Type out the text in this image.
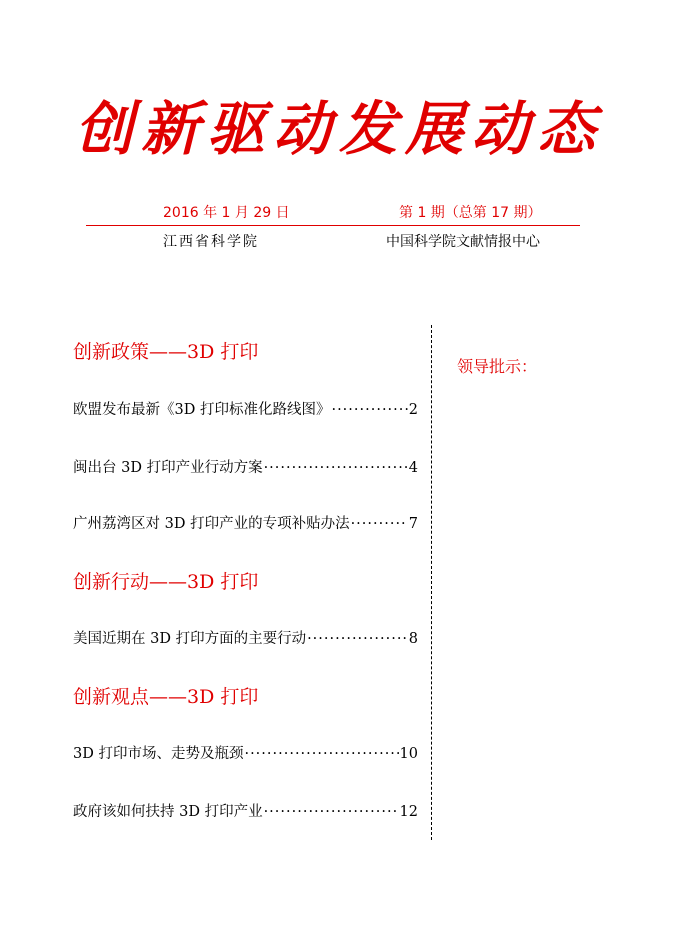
创新驱动发展动态
2016 年 1 月 29 日	第 1 期（总第 17 期）
江西省科学院	中国科学院文献情报中心
领导批示：
创新政策——3D 打印
欧盟发布最新《3D 打印标准化路线图》 ·····	2
闽出台 3D 打印产业行动方案 ·····	4
广州荔湾区对 3D 打印产业的专项补贴办法 ·····	7
创新行动——3D 打印
美国近期在 3D 打印方面的主要行动 ·····	8
创新观点——3D 打印
3D 打印市场、走势及瓶颈 ·····	10
政府该如何扶持 3D 打印产业 ·····	12
